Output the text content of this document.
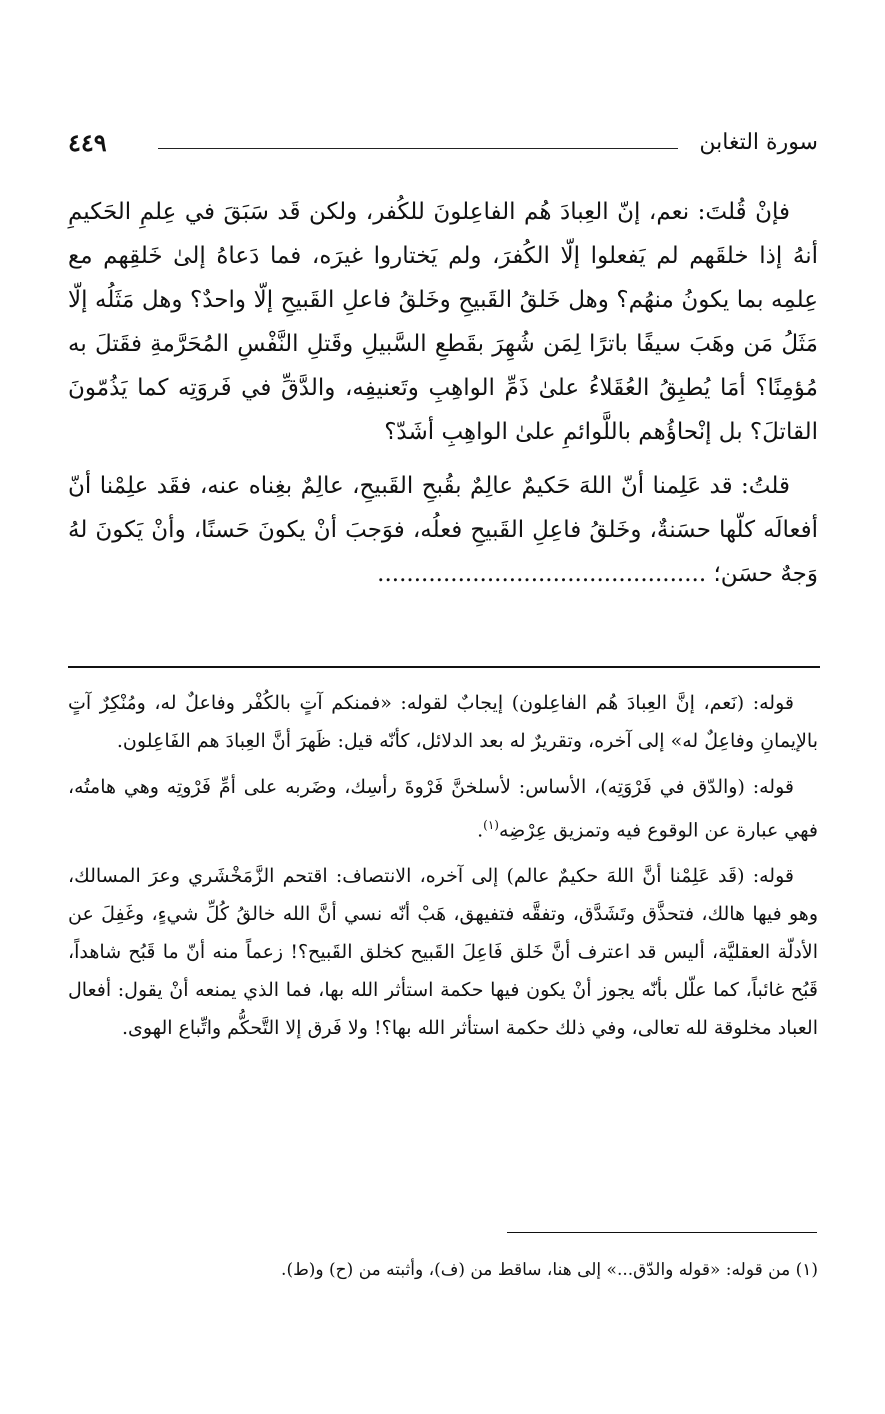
سورة التغابن
٤٤٩

فإنْ قُلتَ: نعم، إنّ العِبادَ هُم الفاعِلونَ للكُفر، ولكن قَد سَبَقَ في عِلمِ الحَكيمِ أنهُ إذا خلقَهم لم يَفعلوا إلّا الكُفرَ، ولم يَختاروا غيرَه، فما دَعاهُ إلىٰ خَلقِهم مع عِلمِه بما يكونُ منهُم؟ وهل خَلقُ القَبيحِ وخَلقُ فاعلِ القَبيحِ إلّا واحدٌ؟ وهل مَثَلُه إلّا مَثَلُ مَن وهَبَ سيفًا باترًا لِمَن شُهِرَ بقَطعِ السَّبيلِ وقَتلِ النَّفْسِ المُحَرَّمةِ فقَتلَ به مُؤمِنًا؟ أمَا يُطبِقُ العُقَلاءُ علىٰ ذَمِّ الواهِبِ وتَعنيفِه، والدَّقِّ في فَروَتِه كما يَذُمّونَ القاتلَ؟ بل إنْحاؤُهم باللَّوائمِ علىٰ الواهِبِ أشَدّ؟

قلتُ: قد عَلِمنا أنّ اللهَ حَكيمٌ عالِمٌ بقُبحِ القَبيحِ، عالِمٌ بغِناه عنه، فقَد علِمْنا أنّ أفعالَه كلّها حسَنةٌ، وخَلقُ فاعِلِ القَبيحِ فعلُه، فوَجبَ أنْ يكونَ حَسنًا، وأنْ يَكونَ لهُ وَجهٌ حسَن؛ .............................................

قوله: (نَعم، إنَّ العِبادَ هُم الفاعِلون) إيجابٌ لقوله: «فمنكم آتٍ بالكُفْر وفاعلٌ له، ومُنْكِرٌ آتٍ بالإيمانِ وفاعِلٌ له» إلى آخره، وتقريرٌ له بعد الدلائل، كأنّه قيل: ظَهرَ أنَّ العِبادَ هم الفَاعِلون.

قوله: (والدّق في فَرْوَتِه)، الأساس: لأسلخنَّ فَرْوةَ رأسِك، وضَربه على أمِّ فَرْوتِه وهي هامتُه، فهي عبارة عن الوقوع فيه وتمزيق عِرْضِه$^{(١)}$.

قوله: (قَد عَلِمْنا أنَّ اللهَ حكيمٌ عالم) إلى آخره، الانتصاف: اقتحم الزَّمَخْشَري وعرَ المسالك، وهو فيها هالك، فتحذَّق وتَشَدَّق، وتفقَّه فتفيهق، هَبْ أنّه نسي أنَّ الله خالقُ كُلِّ شيءٍ، وغَفِلَ عن الأدلّة العقليَّة، أليس قد اعترف أنَّ خَلق فَاعِلَ القَبيح كخلق القَبيح؟! زعماً منه أنّ ما قَبُح شاهداً، قَبُح غائباً، كما علّل بأنّه يجوز أنْ يكون فيها حكمة استأثر الله بها، فما الذي يمنعه أنْ يقول: أفعال العباد مخلوقة لله تعالى، وفي ذلك حكمة استأثر الله بها؟! ولا فَرق إلا التَّحكُّم واتِّباع الهوى.

(١) من قوله: «قوله والدّق...» إلى هنا، ساقط من (ف)، وأثبته من (ح) و(ط).
